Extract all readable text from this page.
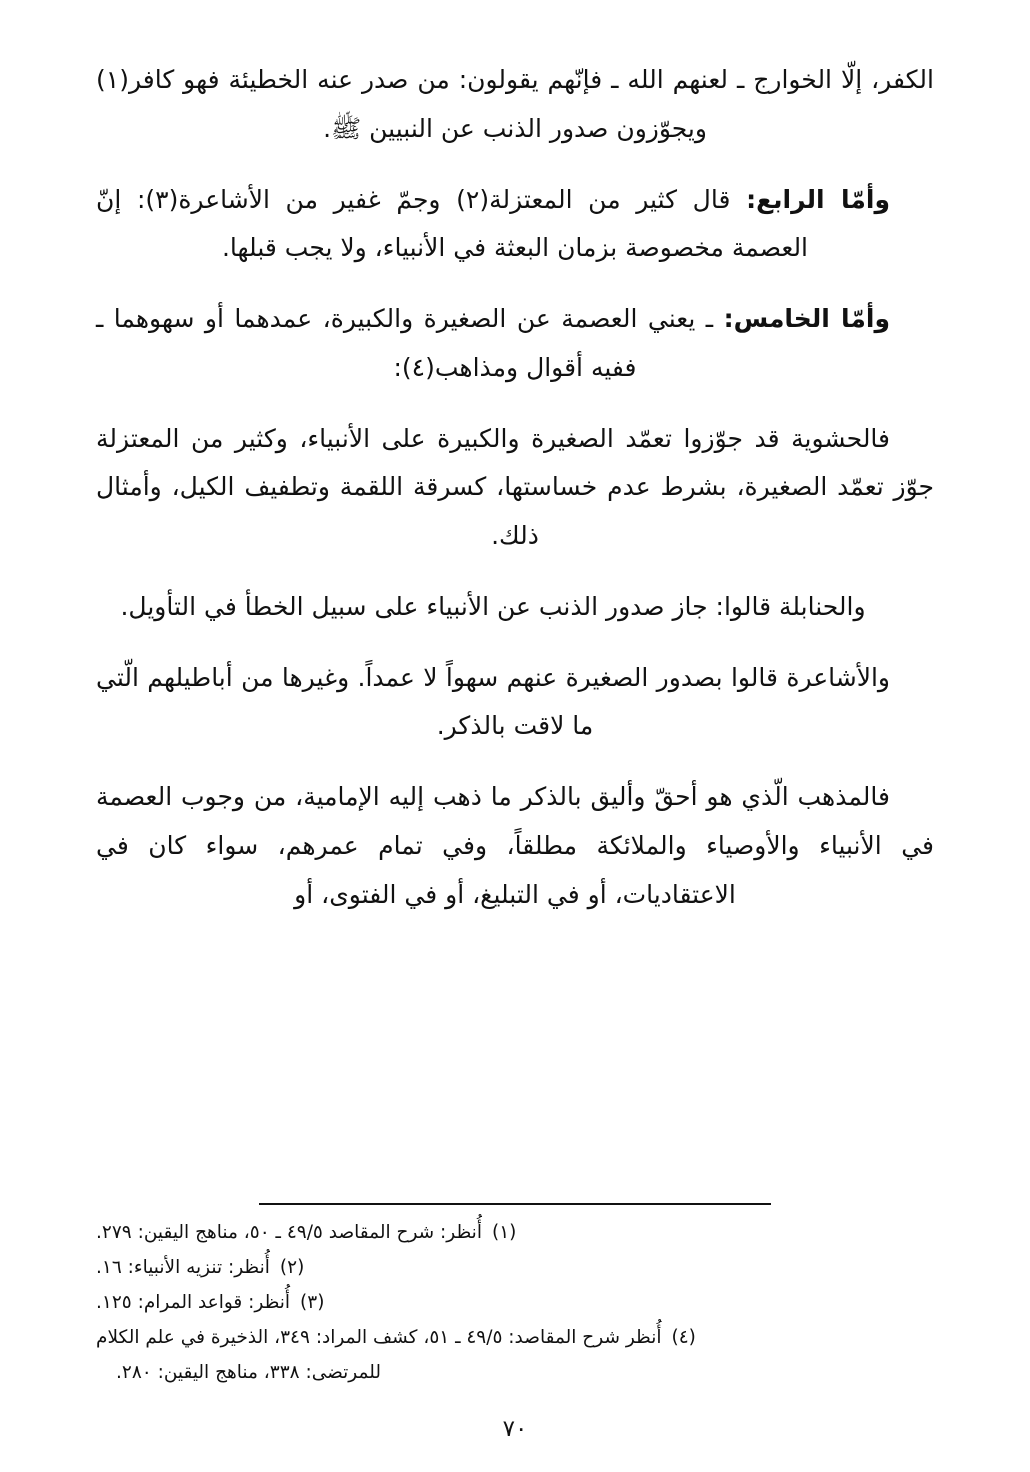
الكفر، إلّا الخوارج ـ لعنهم الله ـ فإنّهم يقولون: من صدر عنه الخطيئة فهو كافر(١) ويجوّزون صدور الذنب عن النبيين ﷺ.

وأمّا الرابع: قال كثير من المعتزلة(٢) وجمّ غفير من الأشاعرة(٣): إنّ العصمة مخصوصة بزمان البعثة في الأنبياء، ولا يجب قبلها.

وأمّا الخامس: ـ يعني العصمة عن الصغيرة والكبيرة، عمدهما أو سهوهما ـ ففيه أقوال ومذاهب(٤):

فالحشوية قد جوّزوا تعمّد الصغيرة والكبيرة على الأنبياء، وكثير من المعتزلة جوّز تعمّد الصغيرة، بشرط عدم خساستها، كسرقة اللقمة وتطفيف الكيل، وأمثال ذلك.

والحنابلة قالوا: جاز صدور الذنب عن الأنبياء على سبيل الخطأ في التأويل.

والأشاعرة قالوا بصدور الصغيرة عنهم سهواً لا عمداً. وغيرها من أباطيلهم الّتي ما لاقت بالذكر.

فالمذهب الّذي هو أحقّ وأليق بالذكر ما ذهب إليه الإمامية، من وجوب العصمة في الأنبياء والأوصياء والملائكة مطلقاً، وفي تمام عمرهم، سواء كان في الاعتقاديات، أو في التبليغ، أو في الفتوى، أو

(١)
أُنظر: شرح المقاصد ٤٩/٥ ـ ٥٠، مناهج اليقين: ٢٧٩.
(٢)
أُنظر: تنزيه الأنبياء: ١٦.
(٣)
أُنظر: قواعد المرام: ١٢٥.
(٤)
أُنظر شرح المقاصد: ٤٩/٥ ـ ٥١، كشف المراد: ٣٤٩، الذخيرة في علم الكلام
للمرتضى: ٣٣٨، مناهج اليقين: ٢٨٠.
٧٠
